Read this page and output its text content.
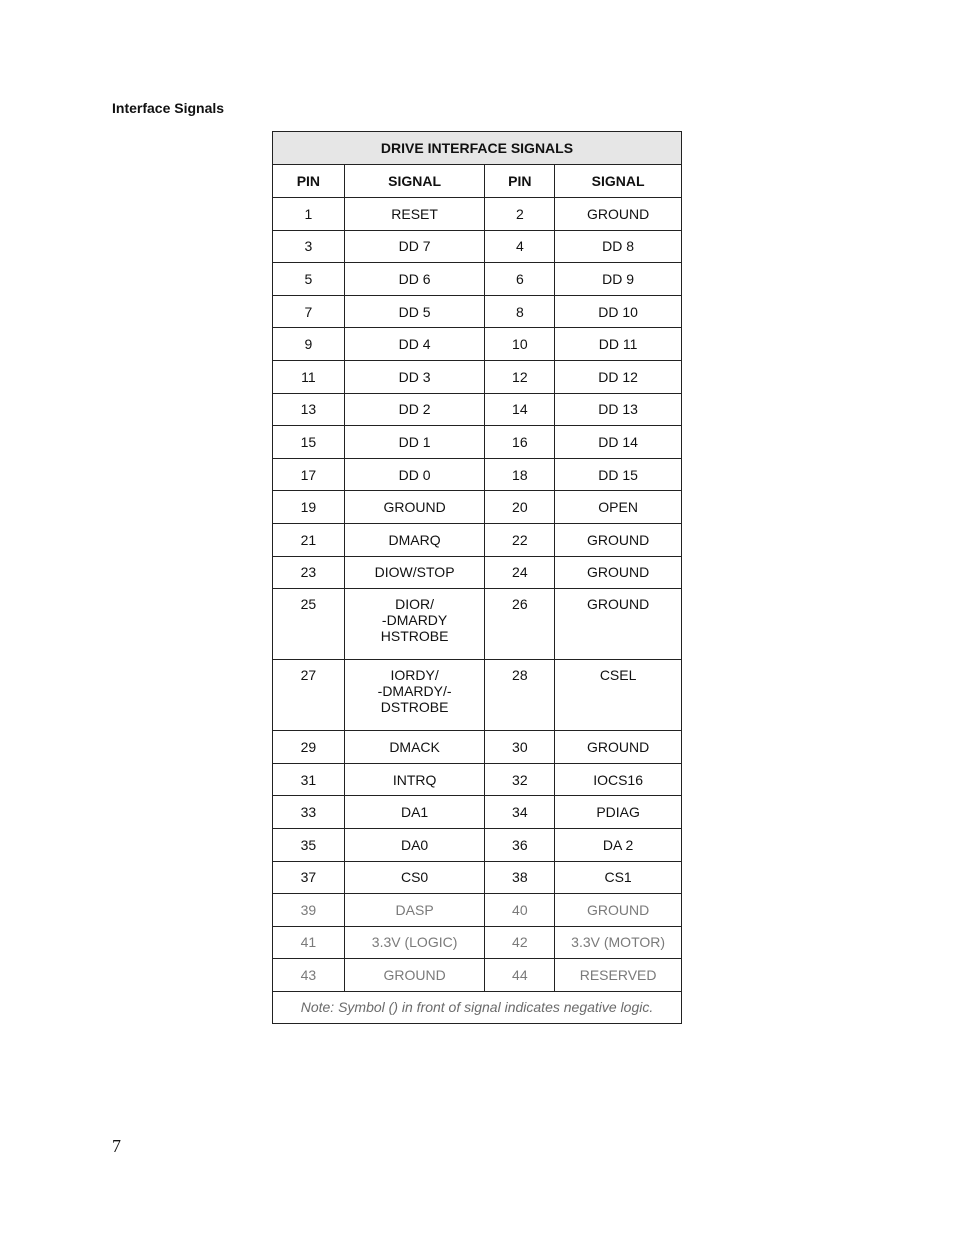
Interface Signals
DRIVE INTERFACE SIGNALS			
PIN	SIGNAL	PIN	SIGNAL
1	RESET	2	GROUND
3	DD 7	4	DD 8
5	DD 6	6	DD 9
7	DD 5	8	DD 10
9	DD 4	10	DD 11
11	DD 3	12	DD 12
13	DD 2	14	DD 13
15	DD 1	16	DD 14
17	DD 0	18	DD 15
19	GROUND	20	OPEN
21	DMARQ	22	GROUND
23	DIOW/STOP	24	GROUND
25	DIOR/
-DMARDY
HSTROBE	26	GROUND
27	IORDY/
-DMARDY/-
DSTROBE	28	CSEL
29	DMACK	30	GROUND
31	INTRQ	32	IOCS16
33	DA1	34	PDIAG
35	DA0	36	DA 2
37	CS0	38	CS1
39	DASP	40	GROUND
41	3.3V (LOGIC)	42	3.3V (MOTOR)
43	GROUND	44	RESERVED
Note: Symbol () in front of signal indicates negative logic.			
7
